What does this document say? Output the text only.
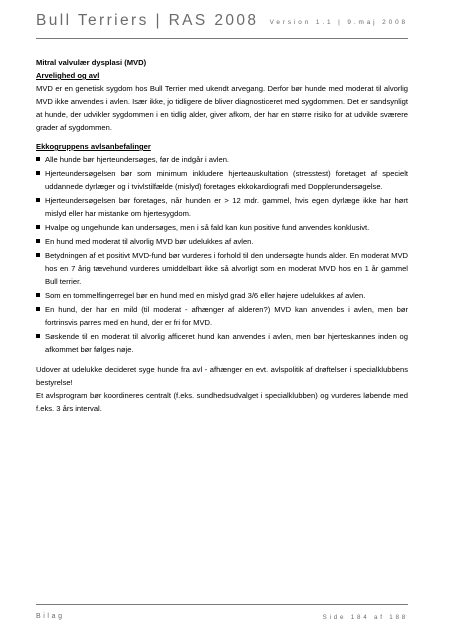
Bull Terriers | RAS 2008 Version 1.1 | 9.maj 2008

Mitral valvulær dysplasi (MVD)

Arvelighed og avl

MVD er en genetisk sygdom hos Bull Terrier med ukendt arvegang. Derfor bør hunde med moderat til alvorlig MVD ikke anvendes i avlen. Især ikke, jo tidligere de bliver diagnosticeret med sygdommen. Det er sandsynligt at hunde, der udvikler sygdommen i en tidlig alder, giver afkom, der har en større risiko for at udvikle sværere grader af sygdommen.

Ekkogruppens avlsanbefalinger

Alle hunde bør hjerteundersøges, før de indgår i avlen.
Hjerteundersøgelsen bør som minimum inkludere hjerteauskultation (stresstest) foretaget af specielt uddannede dyrlæger og i tvivlstilfælde (mislyd) foretages ekkokardiografi med Dopplerundersøgelse.
Hjerteundersøgelsen bør foretages, når hunden er > 12 mdr. gammel, hvis egen dyrlæge ikke har hørt mislyd eller har mistanke om hjertesygdom.
Hvalpe og ungehunde kan undersøges, men i så fald kan kun positive fund anvendes konklusivt.
En hund med moderat til alvorlig MVD bør udelukkes af avlen.
Betydningen af et positivt MVD-fund bør vurderes i forhold til den undersøgte hunds alder. En moderat MVD hos en 7 årig tævehund vurderes umiddelbart ikke så alvorligt som en moderat MVD hos en 1 år gammel Bull terrier.
Som en tommelfingerregel bør en hund med en mislyd grad 3/6 eller højere udelukkes af avlen.
En hund, der har en mild (til moderat - afhænger af alderen?) MVD kan anvendes i avlen, men bør fortrinsvis parres med en hund, der er fri for MVD.
Søskende til en moderat til alvorlig afficeret hund kan anvendes i avlen, men bør hjerteskannes inden og afkommet bør følges nøje.

Udover at udelukke decideret syge hunde fra avl - afhænger en evt. avlspolitik af drøftelser i specialklubbens bestyrelse!

Et avlsprogram bør koordineres centralt (f.eks. sundhedsudvalget i specialklubben) og vurderes løbende med f.eks. 3 års interval.

Bilag	Side 184 af 188
